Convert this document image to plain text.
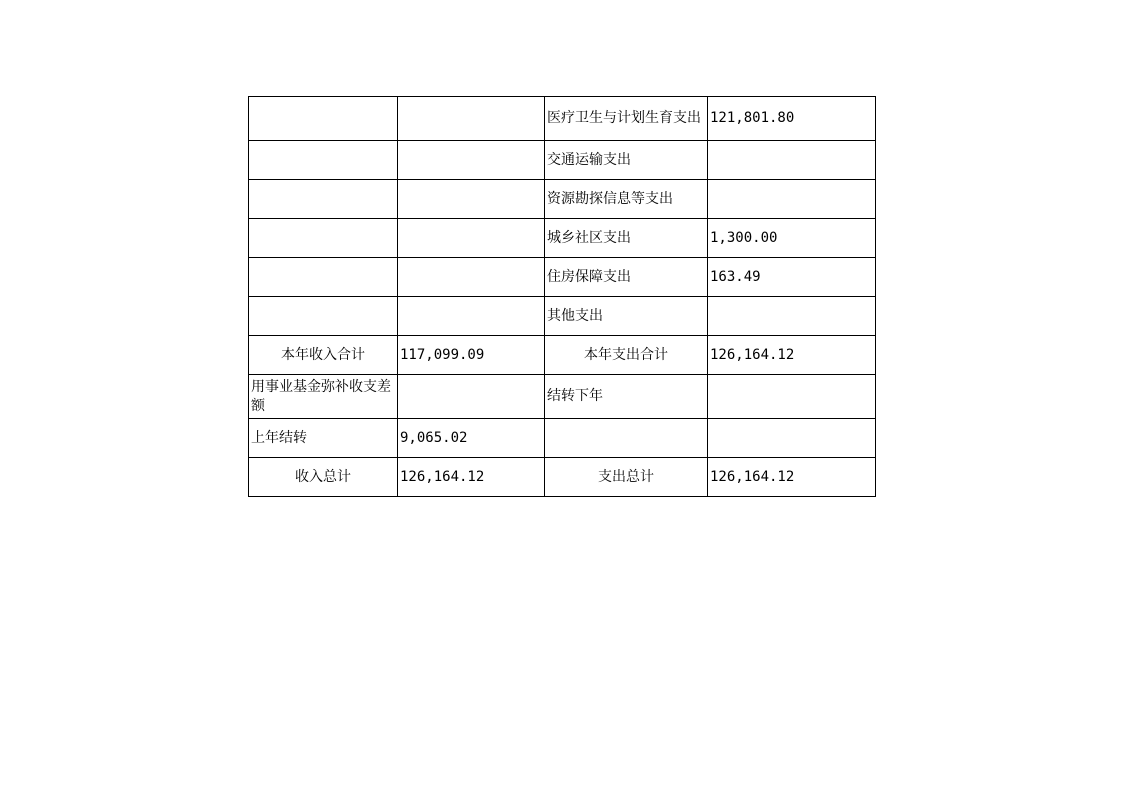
		医疗卫生与计划生育支出	121,801.80
		交通运输支出	
		资源勘探信息等支出	
		城乡社区支出	1,300.00
		住房保障支出	163.49
		其他支出	
本年收入合计	117,099.09	本年支出合计	126,164.12
用事业基金弥补收支差额		结转下年	
上年结转	9,065.02		
收入总计	126,164.12	支出总计	126,164.12
